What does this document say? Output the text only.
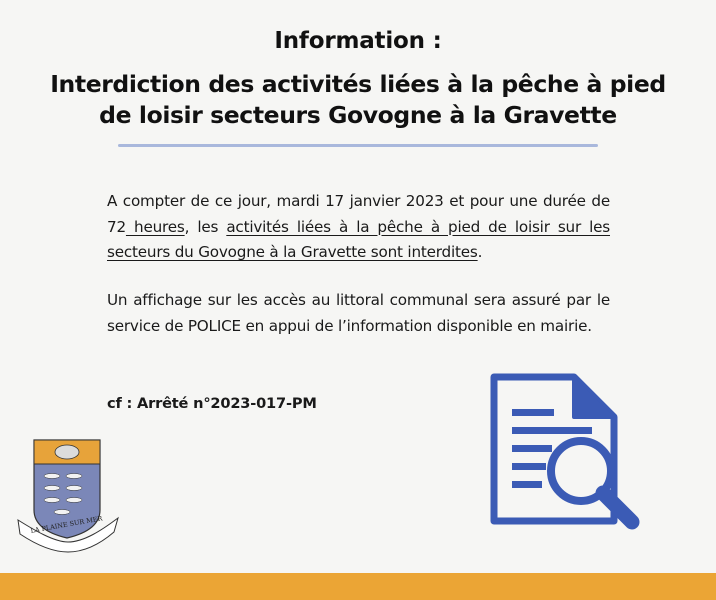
Information :
Interdiction des activités liées à la pêche à pied
de loisir secteurs Govogne à la Gravette
A compter de ce jour, mardi 17 janvier 2023 et pour une durée de 72 heures, les activités liées à la pêche à pied de loisir sur les secteurs du Govogne à la Gravette sont interdites.
Un affichage sur les accès au littoral communal sera assuré par le service de POLICE en appui de l’information disponible en mairie.
cf : Arrêté n°2023-017-PM
LA PLAINE SUR MER
